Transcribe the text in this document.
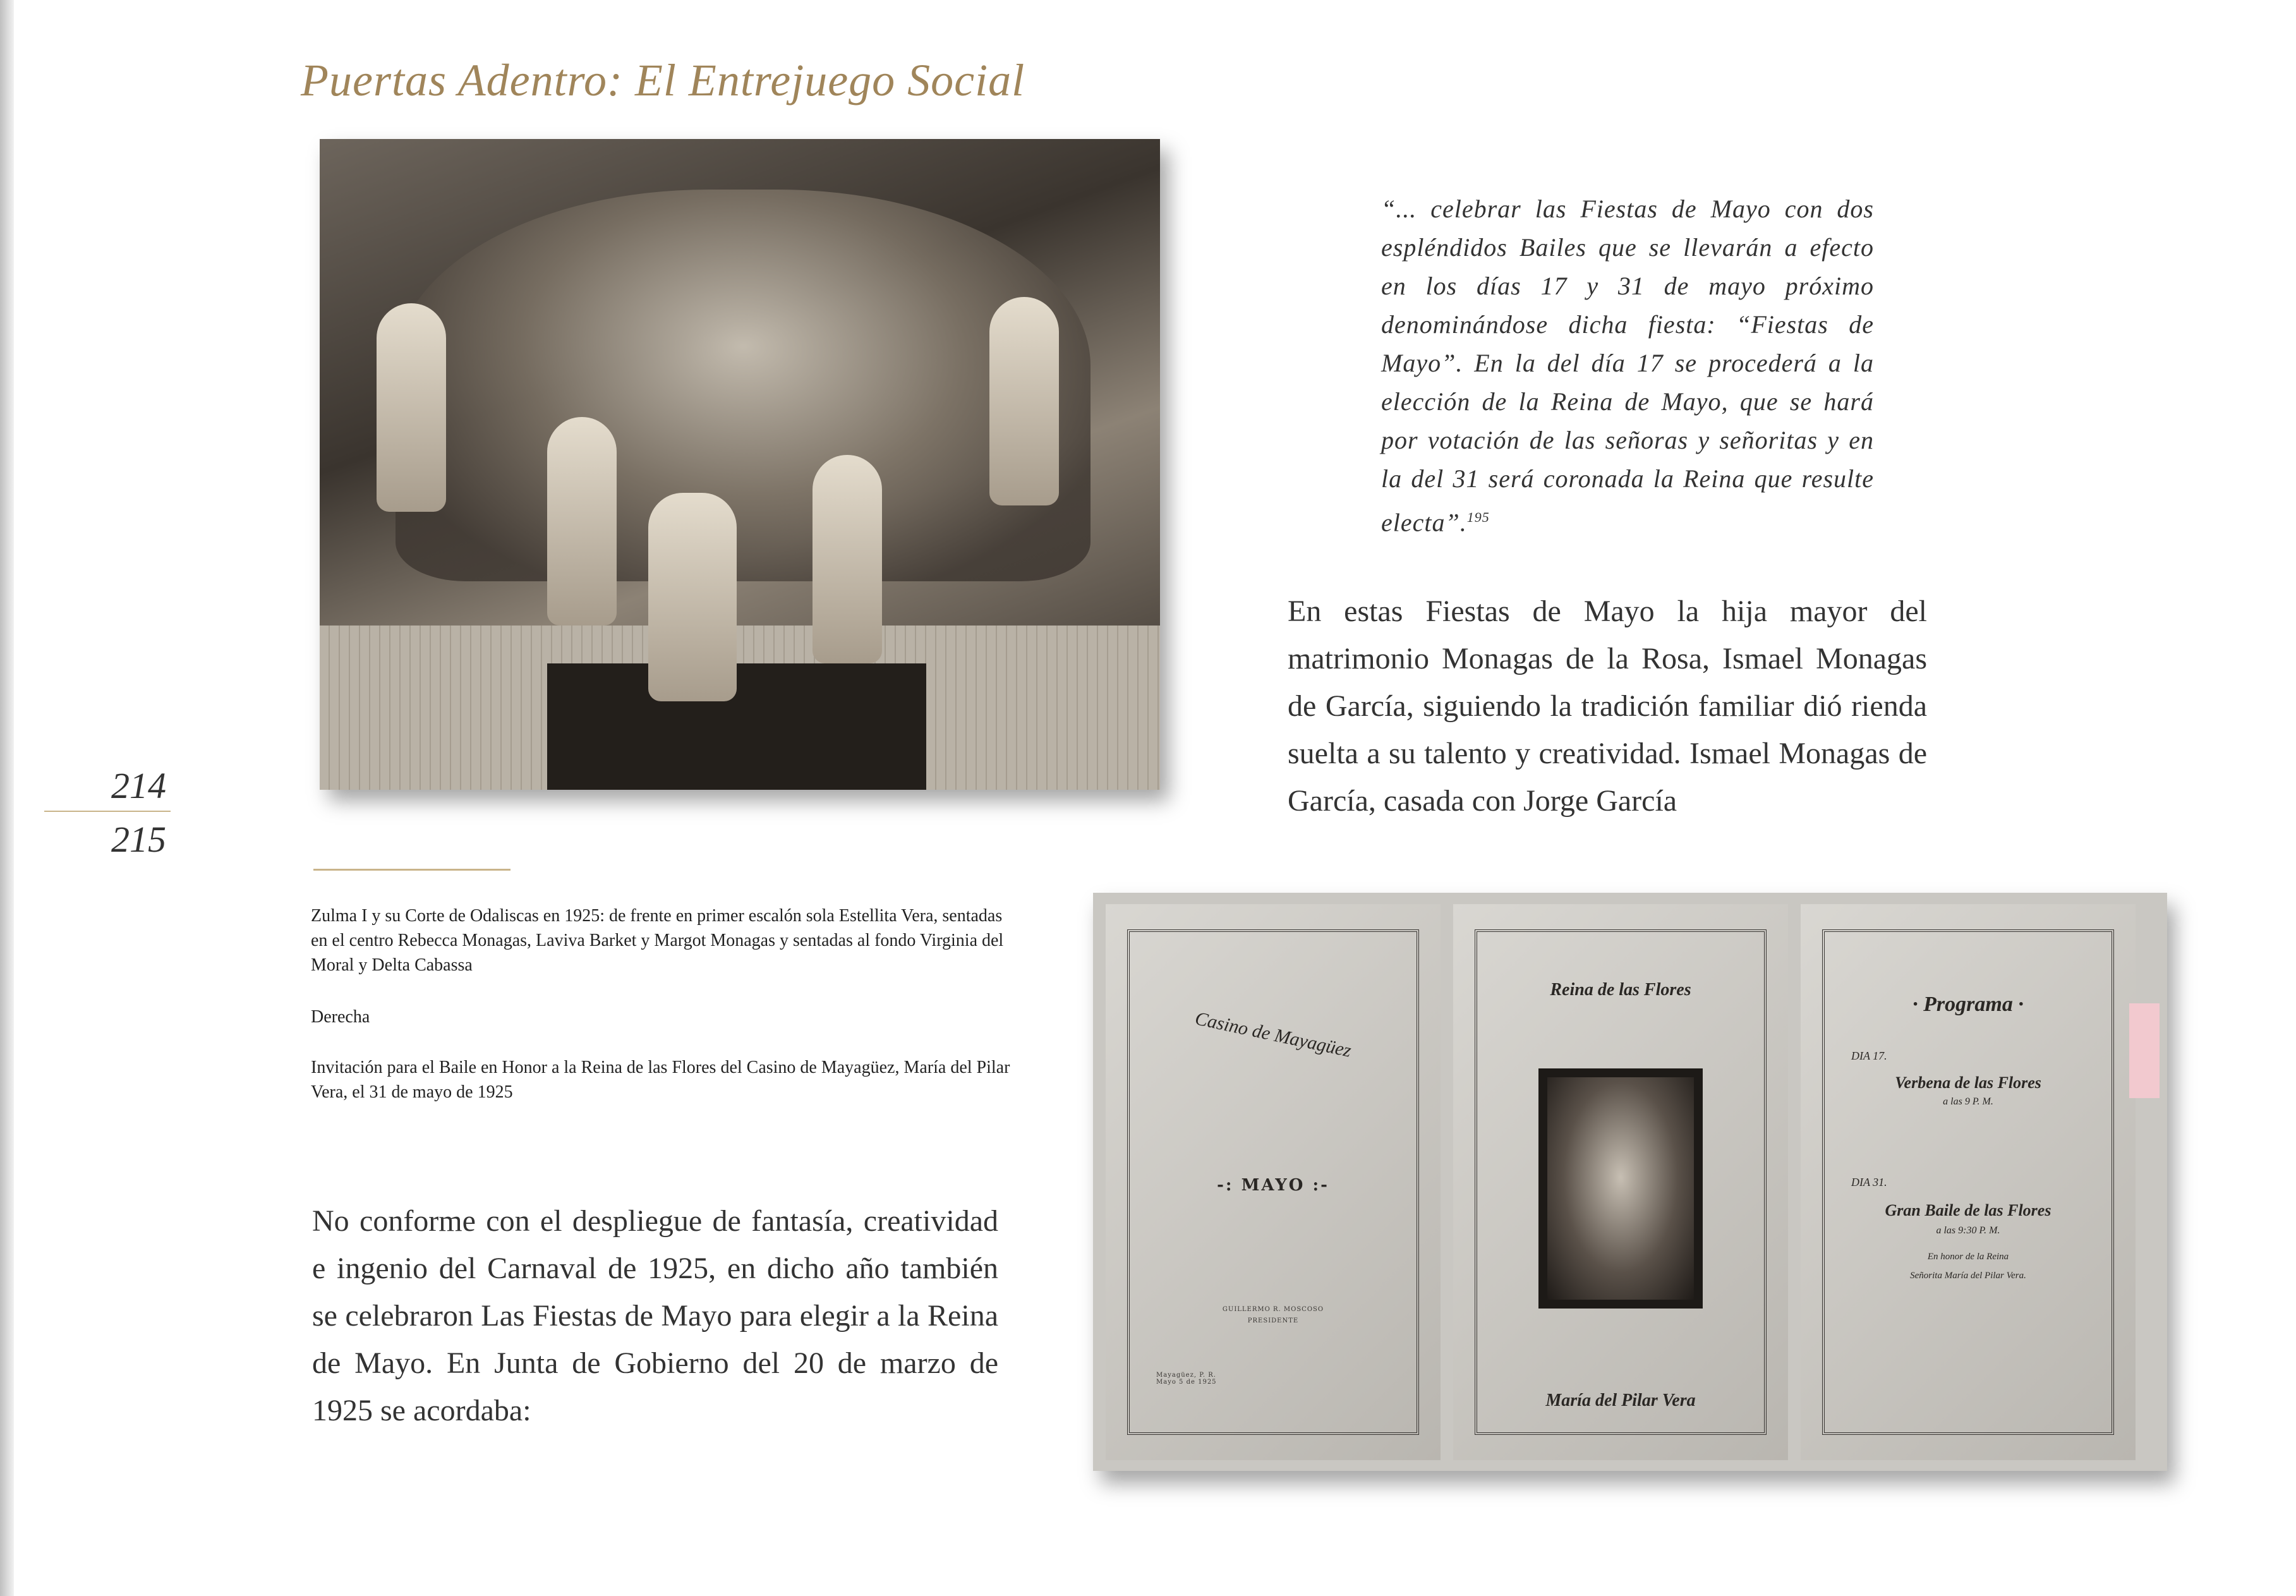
Puertas Adentro: El Entrejuego Social
214
215
“... celebrar las Fiestas de Mayo con dos espléndidos Bailes que se llevarán a efecto en los días 17 y 31 de mayo próximo denominándose dicha fiesta: “Fiestas de Mayo”. En la del día 17 se procederá a la elección de la Reina de Mayo, que se hará por votación de las señoras y señoritas y en la del 31 será coronada la Reina que resulte electa”.$^{195}$
En estas Fiestas de Mayo la hija mayor del matrimonio Monagas de la Rosa, Ismael Monagas de García, siguiendo la tradición familiar dió rienda suelta a su talento y creatividad. Ismael Monagas de García, casada con Jorge García
Zulma I y su Corte de Odaliscas en 1925: de frente en primer escalón sola Estellita Vera, sentadas en el centro Rebecca Monagas, Laviva Barket y Margot Monagas y sentadas al fondo Virginia del Moral y Delta Cabassa
Derecha
Invitación para el Baile en Honor a la Reina de las Flores del Casino de Mayagüez, María del Pilar Vera, el 31 de mayo de 1925
No conforme con el despliegue de fantasía, creatividad e ingenio del Carnaval de 1925, en dicho año también se celebraron Las Fiestas de Mayo para elegir a la Reina de Mayo. En Junta de Gobierno del 20 de marzo de 1925 se acordaba:
Casino de Mayagüez
-: MAYO :-
GUILLERMO R. MOSCOSO
PRESIDENTE
Mayagüez, P. R. Mayo 5 de 1925
Reina de las Flores
María del Pilar Vera
· Programa ·
DIA 17.
Verbena de las Flores
a las 9 P. M.
DIA 31.
Gran Baile de las Flores
a las 9:30 P. M.
En honor de la Reina
Señorita María del Pilar Vera.
